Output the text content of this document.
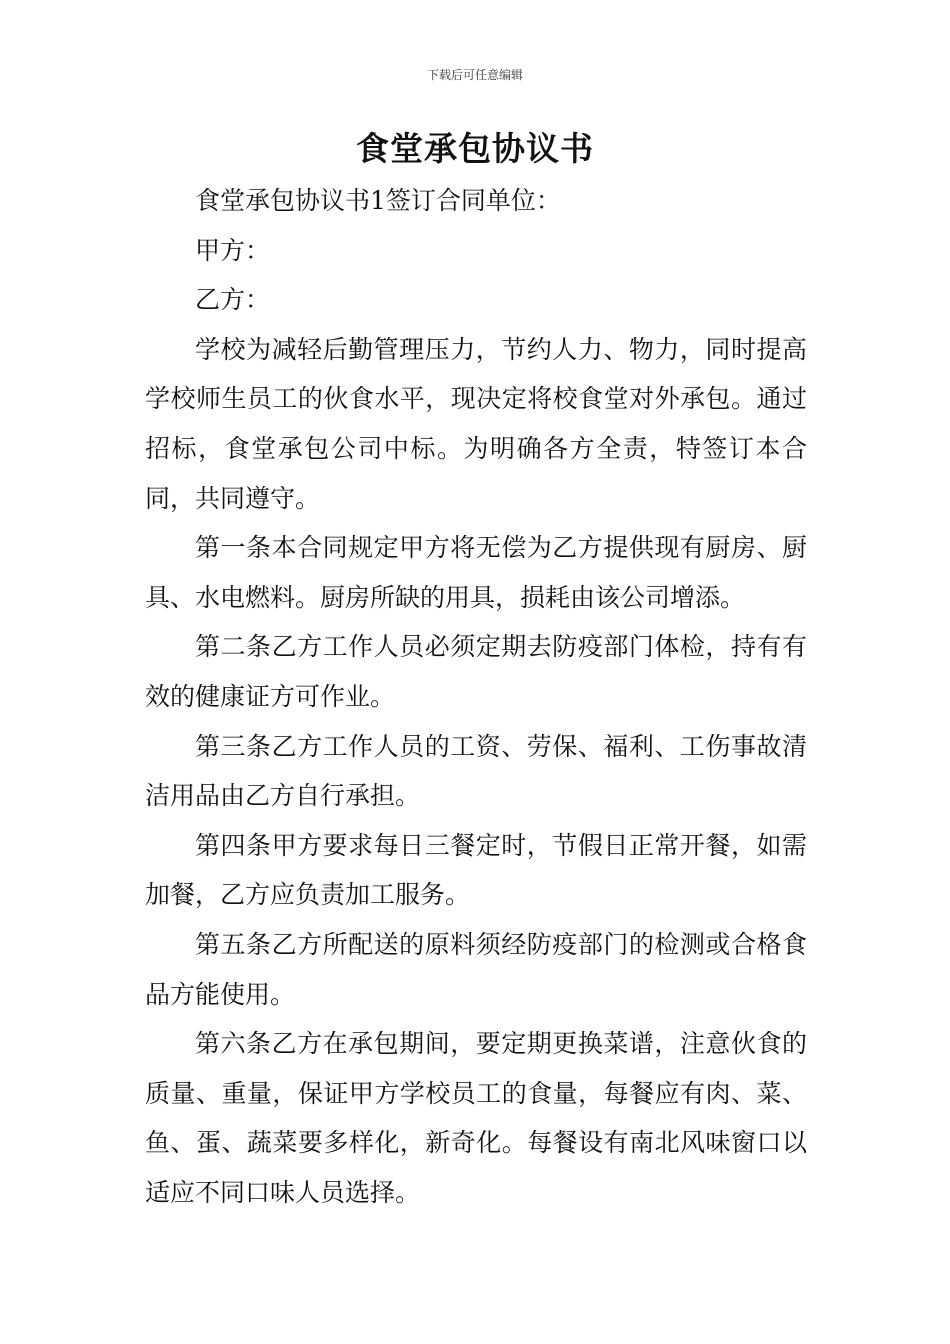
下载后可任意编辑
食堂承包协议书

食堂承包协议书1签订合同单位：

甲方：

乙方：

学校为减轻后勤管理压力，节约人力、物力，同时提高学校师生员工的伙食水平，现决定将校食堂对外承包。通过招标，食堂承包公司中标。为明确各方全责，特签订本合同，共同遵守。

第一条本合同规定甲方将无偿为乙方提供现有厨房、厨具、水电燃料。厨房所缺的用具，损耗由该公司增添。

第二条乙方工作人员必须定期去防疫部门体检，持有有效的健康证方可作业。

第三条乙方工作人员的工资、劳保、福利、工伤事故清洁用品由乙方自行承担。

第四条甲方要求每日三餐定时，节假日正常开餐，如需加餐，乙方应负责加工服务。

第五条乙方所配送的原料须经防疫部门的检测或合格食品方能使用。

第六条乙方在承包期间，要定期更换菜谱，注意伙食的质量、重量，保证甲方学校员工的食量，每餐应有肉、菜、鱼、蛋、蔬菜要多样化，新奇化。每餐设有南北风味窗口以适应不同口味人员选择。
